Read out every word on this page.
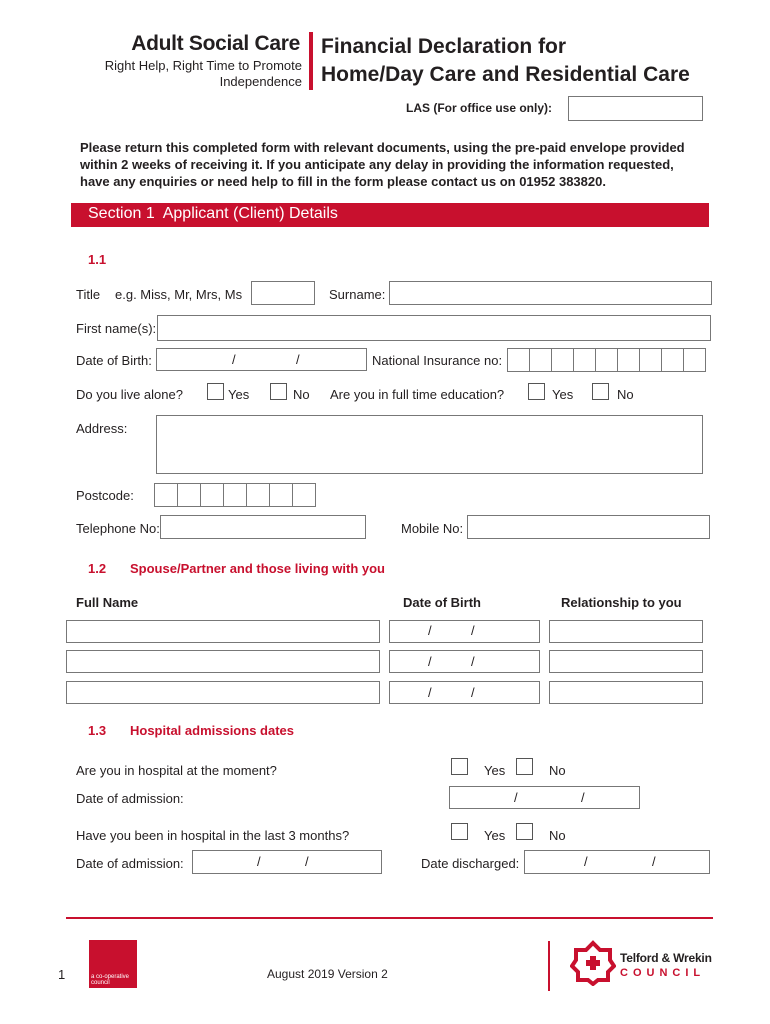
Adult Social Care
Right Help, Right Time to Promote
Independence
Financial Declaration for
Home/Day Care and Residential Care
LAS (For office use only):
Please return this completed form with relevant documents, using the pre-paid envelope provided within 2 weeks of receiving it. If you anticipate any delay in providing the information requested, have any enquiries or need help to fill in the form please contact us on 01952 383820.
Section 1  Applicant (Client) Details
1.1
Title e.g. Miss, Mr, Mrs, Ms	Surname:
First name(s):
Date of Birth:	/	/	National Insurance no:
Do you live alone?	Yes	No Are you in full time education?	Yes	No
Address:
Postcode:
Telephone No:	Mobile No:
1.2 Spouse/Partner and those living with you
Full Name	Date of Birth	Relationship to you
/	/
/	/
/	/
1.3 Hospital admissions dates
Are you in hospital at the moment?	Yes	No
Date of admission:	/	/
Have you been in hospital in the last 3 months?	Yes	No
Date of admission:	/	/	Date discharged:	/	/
1	a co-operative
council
August 2019 Version 2
Telford & Wrekin
COUNCIL
